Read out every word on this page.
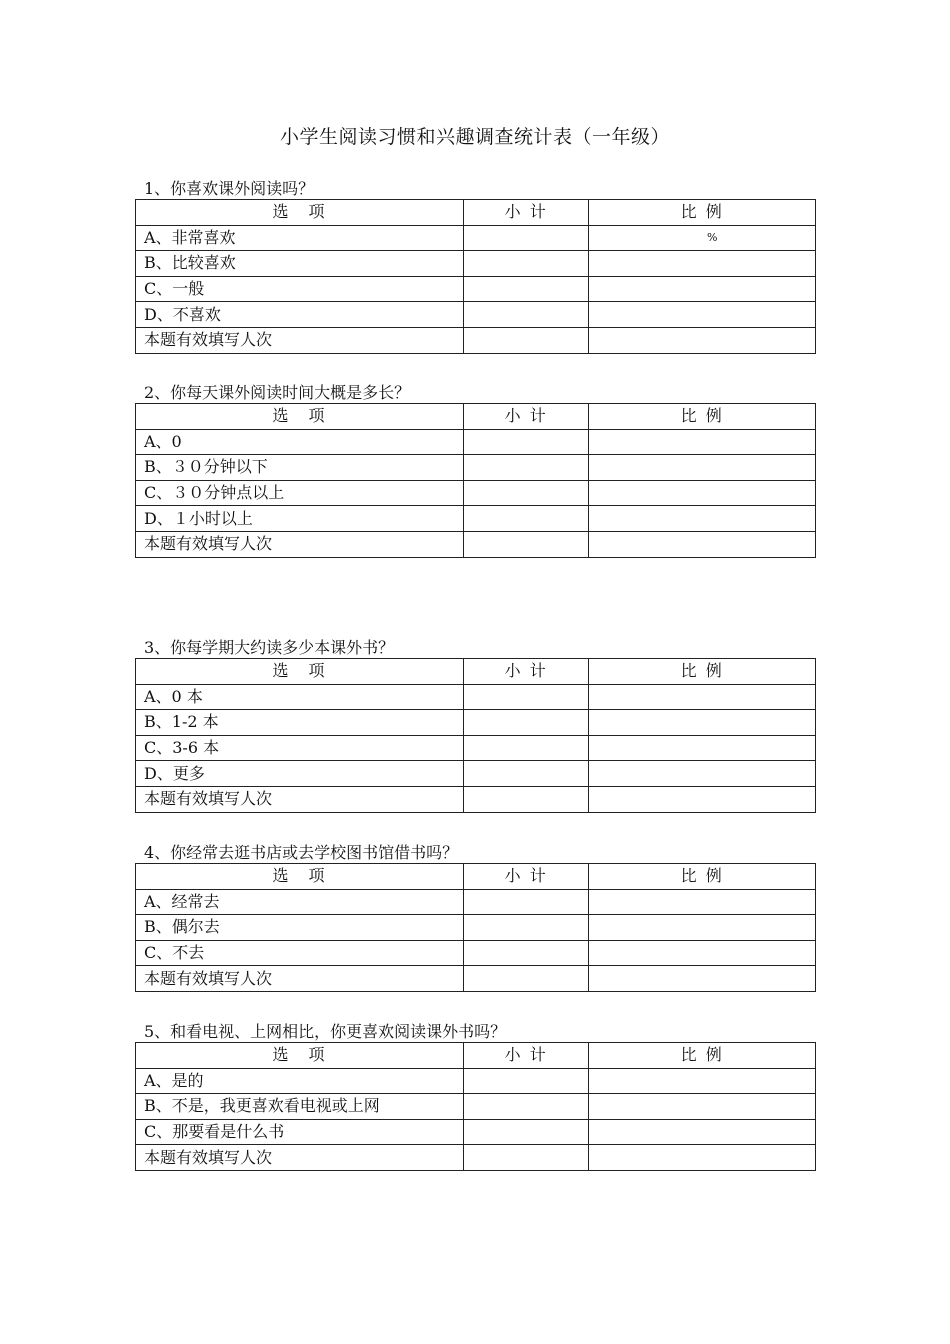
小学生阅读习惯和兴趣调查统计表（一年级）
1、你喜欢课外阅读吗？
选　项	小 计	比 例
A、非常喜欢		%
B、比较喜欢		
C、一般		
D、不喜欢		
本题有效填写人次		
2、你每天课外阅读时间大概是多长？
选　项	小 计	比 例
A、0		
B、３０分钟以下		
C、３０分钟点以上		
D、１小时以上		
本题有效填写人次		
3、你每学期大约读多少本课外书？
选　项	小 计	比 例
A、0 本		
B、1-2 本		
C、3-6 本		
D、更多		
本题有效填写人次		
4、你经常去逛书店或去学校图书馆借书吗？
选　项	小 计	比 例
A、经常去		
B、偶尔去		
C、不去		
本题有效填写人次		
5、和看电视、上网相比，你更喜欢阅读课外书吗？
选　项	小 计	比 例
A、是的		
B、不是，我更喜欢看电视或上网		
C、那要看是什么书		
本题有效填写人次		
